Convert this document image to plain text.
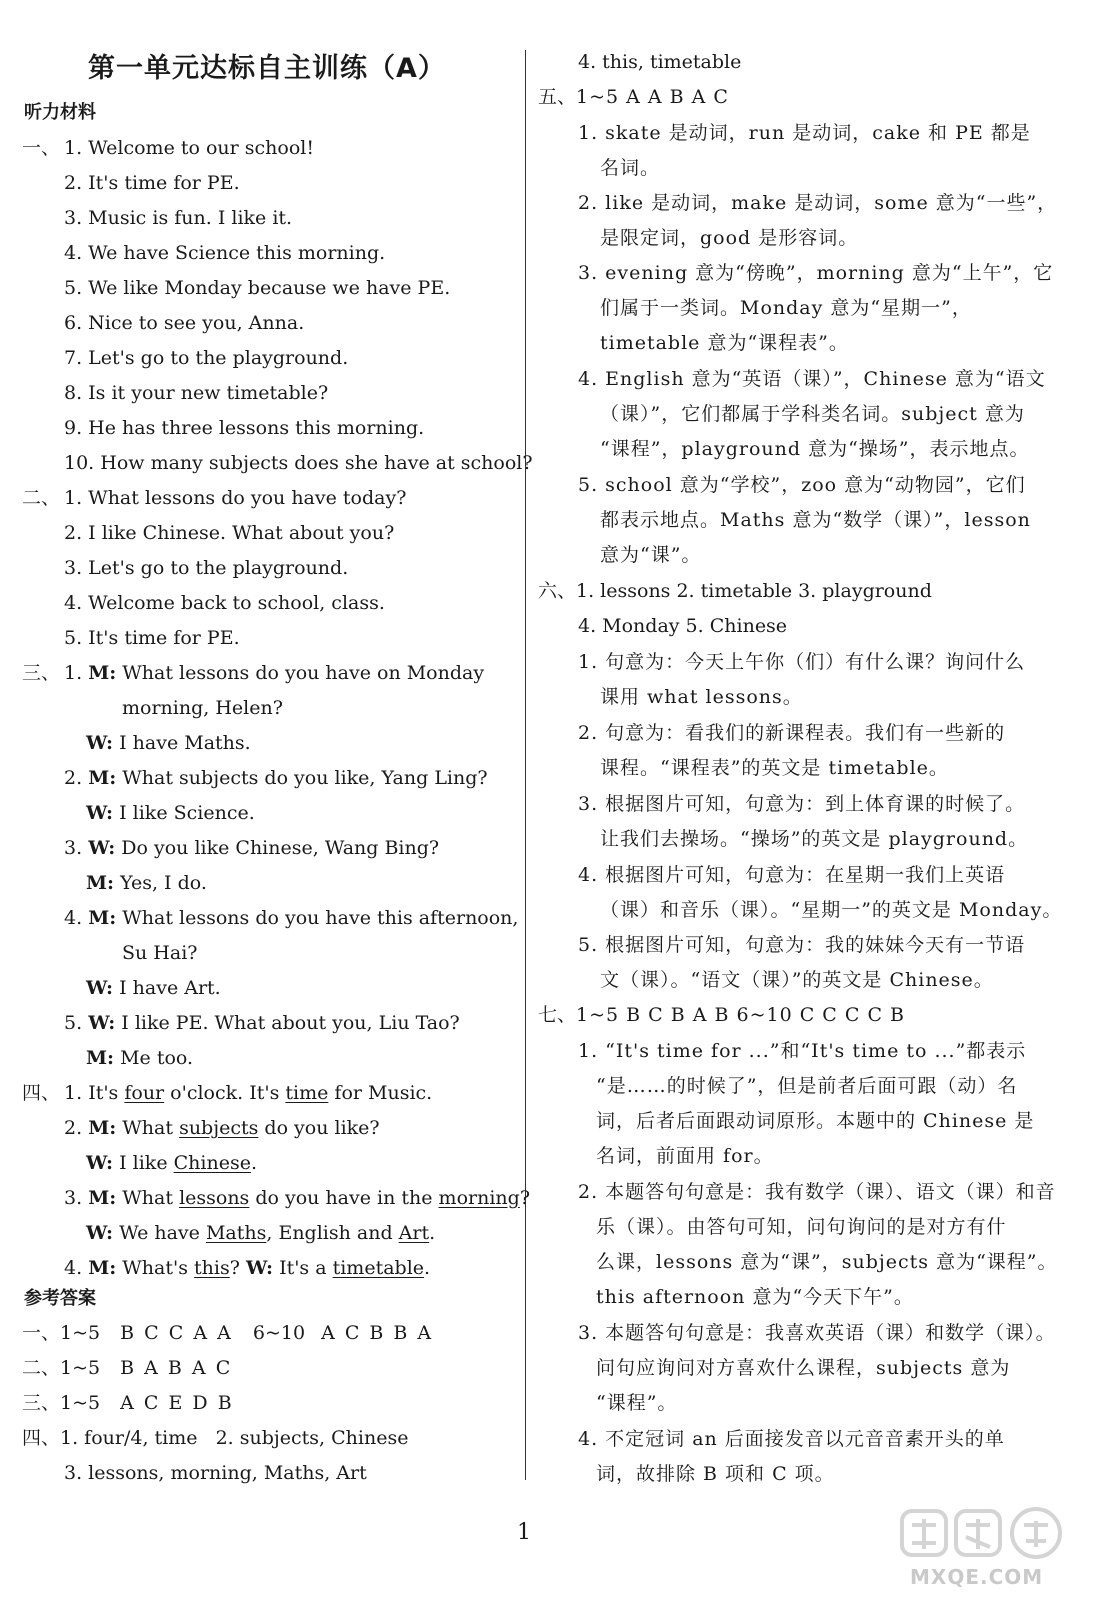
第一单元达标自主训练（A）
听力材料
一、 1. Welcome to our school!
2. It's time for PE.
3. Music is fun. I like it.
4. We have Science this morning.
5. We like Monday because we have PE.
6. Nice to see you, Anna.
7. Let's go to the playground.
8. Is it your new timetable?
9. He has three lessons this morning.
10. How many subjects does she have at school?
二、 1. What lessons do you have today?
2. I like Chinese. What about you?
3. Let's go to the playground.
4. Welcome back to school, class.
5. It's time for PE.
三、 1. M: What lessons do you have on Monday
morning, Helen?
W: I have Maths.
2. M: What subjects do you like, Yang Ling?
W: I like Science.
3. W: Do you like Chinese, Wang Bing?
M: Yes, I do.
4. M: What lessons do you have this afternoon,
Su Hai?
W: I have Art.
5. W: I like PE. What about you, Liu Tao?
M: Me too.
四、 1. It's four o'clock. It's time for Music.
2. M: What subjects do you like?
W: I like Chinese.
3. M: What lessons do you have in the morning?
W: We have Maths, English and Art.
4. M: What's this? W: It's a timetable.
参考答案
一、1~5 B C C A A 6~10 A C B B A
二、1~5 B A B A C
三、1~5 A C E D B
四、1. four/4, time 2. subjects, Chinese
3. lessons, morning, Maths, Art
4. this, timetable
五、1~5 A A B A C
1. skate 是动词，run 是动词，cake 和 PE 都是
名词。
2. like 是动词，make 是动词，some 意为“一些”，
是限定词，good 是形容词。
3. evening 意为“傍晚”，morning 意为“上午”，它
们属于一类词。Monday 意为“星期一”，
timetable 意为“课程表”。
4. English 意为“英语（课）”，Chinese 意为“语文
（课）”，它们都属于学科类名词。subject 意为
“课程”，playground 意为“操场”，表示地点。
5. school 意为“学校”，zoo 意为“动物园”，它们
都表示地点。Maths 意为“数学（课）”，lesson
意为“课”。
六、1. lessons 2. timetable 3. playground
4. Monday 5. Chinese
1. 句意为：今天上午你（们）有什么课？询问什么
课用 what lessons。
2. 句意为：看我们的新课程表。我们有一些新的
课程。“课程表”的英文是 timetable。
3. 根据图片可知，句意为：到上体育课的时候了。
让我们去操场。“操场”的英文是 playground。
4. 根据图片可知，句意为：在星期一我们上英语
（课）和音乐（课）。“星期一”的英文是 Monday。
5. 根据图片可知，句意为：我的妹妹今天有一节语
文（课）。“语文（课）”的英文是 Chinese。
七、1~5 B C B A B 6~10 C C C C B
1. “It's time for ...”和“It's time to ...”都表示
“是……的时候了”，但是前者后面可跟（动）名
词，后者后面跟动词原形。本题中的 Chinese 是
名词，前面用 for。
2. 本题答句句意是：我有数学（课）、语文（课）和音
乐（课）。由答句可知，问句询问的是对方有什
么课，lessons 意为“课”，subjects 意为“课程”。
this afternoon 意为“今天下午”。
3. 本题答句句意是：我喜欢英语（课）和数学（课）。
问句应询问对方喜欢什么课程，subjects 意为
“课程”。
4. 不定冠词 an 后面接发音以元音音素开头的单
词，故排除 B 项和 C 项。
1
MXQE.COM
